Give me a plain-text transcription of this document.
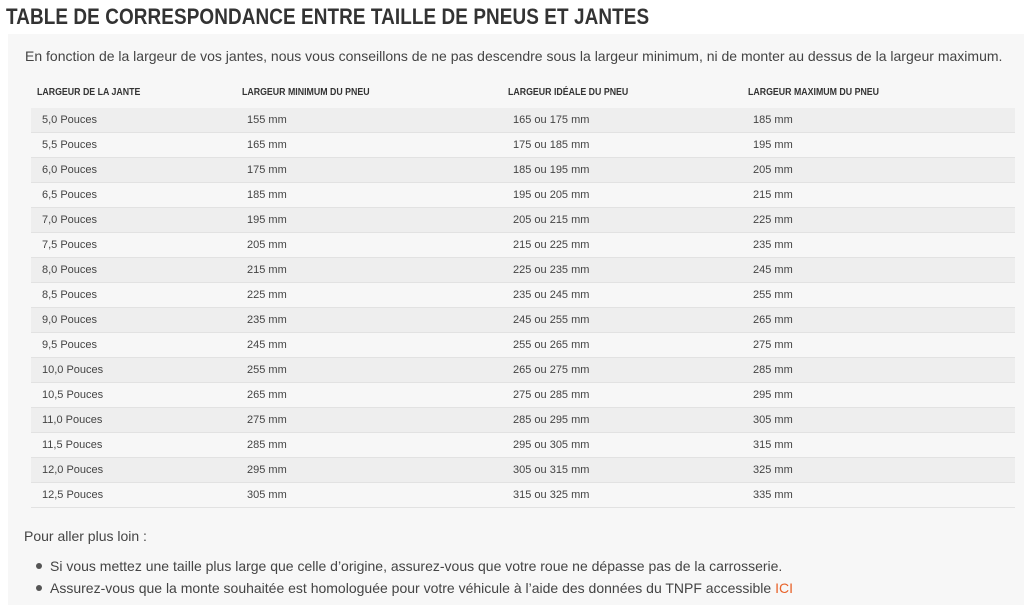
TABLE DE CORRESPONDANCE ENTRE TAILLE DE PNEUS ET JANTES

En fonction de la largeur de vos jantes, nous vous conseillons de ne pas descendre sous la largeur minimum, ni de monter au dessus de la largeur maximum.

LARGEUR DE LA JANTE	LARGEUR MINIMUM DU PNEU	LARGEUR IDÉALE DU PNEU	LARGEUR MAXIMUM DU PNEU
5,0 Pouces	155 mm	165 ou 175 mm	185 mm
5,5 Pouces	165 mm	175 ou 185 mm	195 mm
6,0 Pouces	175 mm	185 ou 195 mm	205 mm
6,5 Pouces	185 mm	195 ou 205 mm	215 mm
7,0 Pouces	195 mm	205 ou 215 mm	225 mm
7,5 Pouces	205 mm	215 ou 225 mm	235 mm
8,0 Pouces	215 mm	225 ou 235 mm	245 mm
8,5 Pouces	225 mm	235 ou 245 mm	255 mm
9,0 Pouces	235 mm	245 ou 255 mm	265 mm
9,5 Pouces	245 mm	255 ou 265 mm	275 mm
10,0 Pouces	255 mm	265 ou 275 mm	285 mm
10,5 Pouces	265 mm	275 ou 285 mm	295 mm
11,0 Pouces	275 mm	285 ou 295 mm	305 mm
11,5 Pouces	285 mm	295 ou 305 mm	315 mm
12,0 Pouces	295 mm	305 ou 315 mm	325 mm
12,5 Pouces	305 mm	315 ou 325 mm	335 mm

Pour aller plus loin :

Si vous mettez une taille plus large que celle d’origine, assurez-vous que votre roue ne dépasse pas de la carrosserie.
Assurez-vous que la monte souhaitée est homologuée pour votre véhicule à l’aide des données du TNPF accessible ICI
